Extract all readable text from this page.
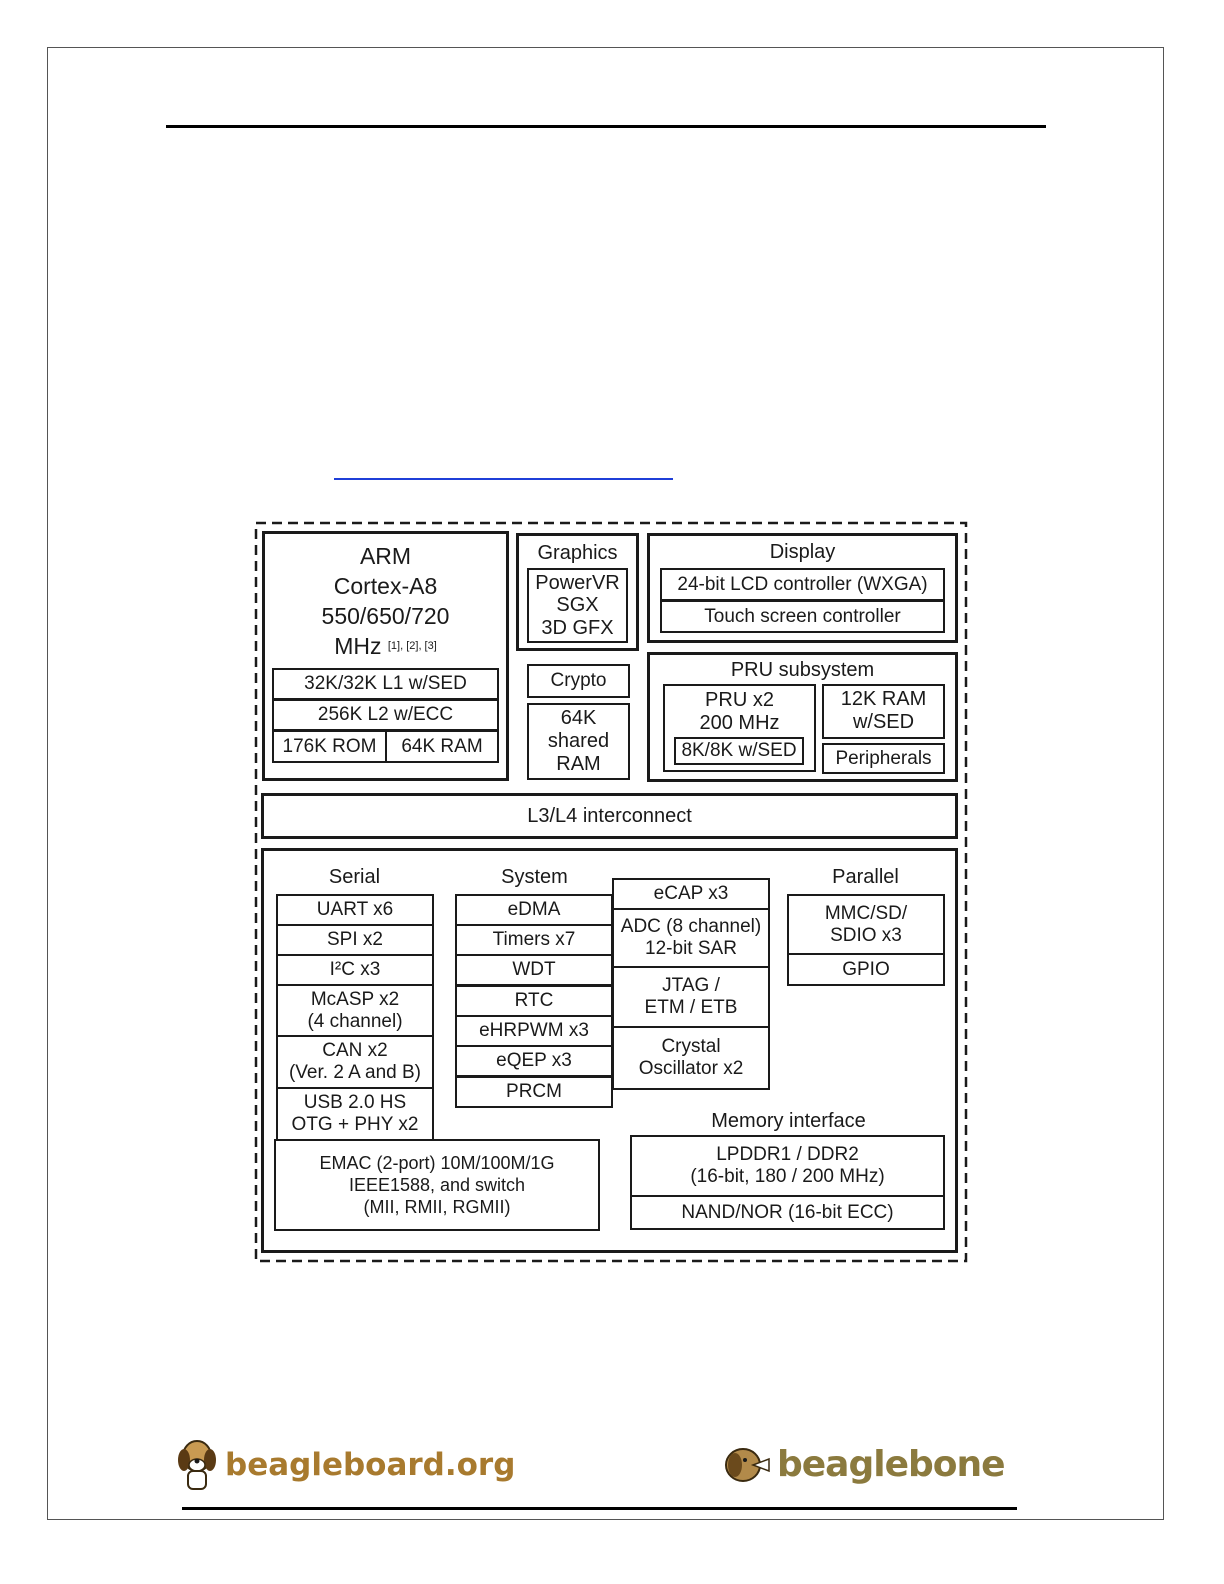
ARM
Cortex-A8
550/650/720
MHz
[1], [2], [3]
32K/32K L1 w/SED
256K L2 w/ECC
176K ROM	64K RAM
Graphics
PowerVR
SGX
3D GFX
Crypto
64K
shared
RAM
Display
24-bit LCD controller (WXGA)
Touch screen controller
PRU subsystem
PRU x2
200 MHz
8K/8K w/SED
12K RAM
w/SED
Peripherals
L3/L4 interconnect
Serial
UART x6
SPI x2
I²C x3
McASP x2
(4 channel)
CAN x2
(Ver. 2 A and B)
USB 2.0 HS
OTG + PHY x2
System
eDMA
Timers x7
WDT
RTC
eHRPWM x3
eQEP x3
PRCM
eCAP x3
ADC (8 channel)
12-bit SAR
JTAG /
ETM / ETB
Crystal
Oscillator x2
Parallel
MMC/SD/
SDIO x3
GPIO
EMAC (2-port) 10M/100M/1G
IEEE1588, and switch
(MII, RMII, RGMII)
Memory interface
LPDDR1 / DDR2
(16-bit, 180 / 200 MHz)
NAND/NOR (16-bit ECC)
beagleboard.org	beaglebone
